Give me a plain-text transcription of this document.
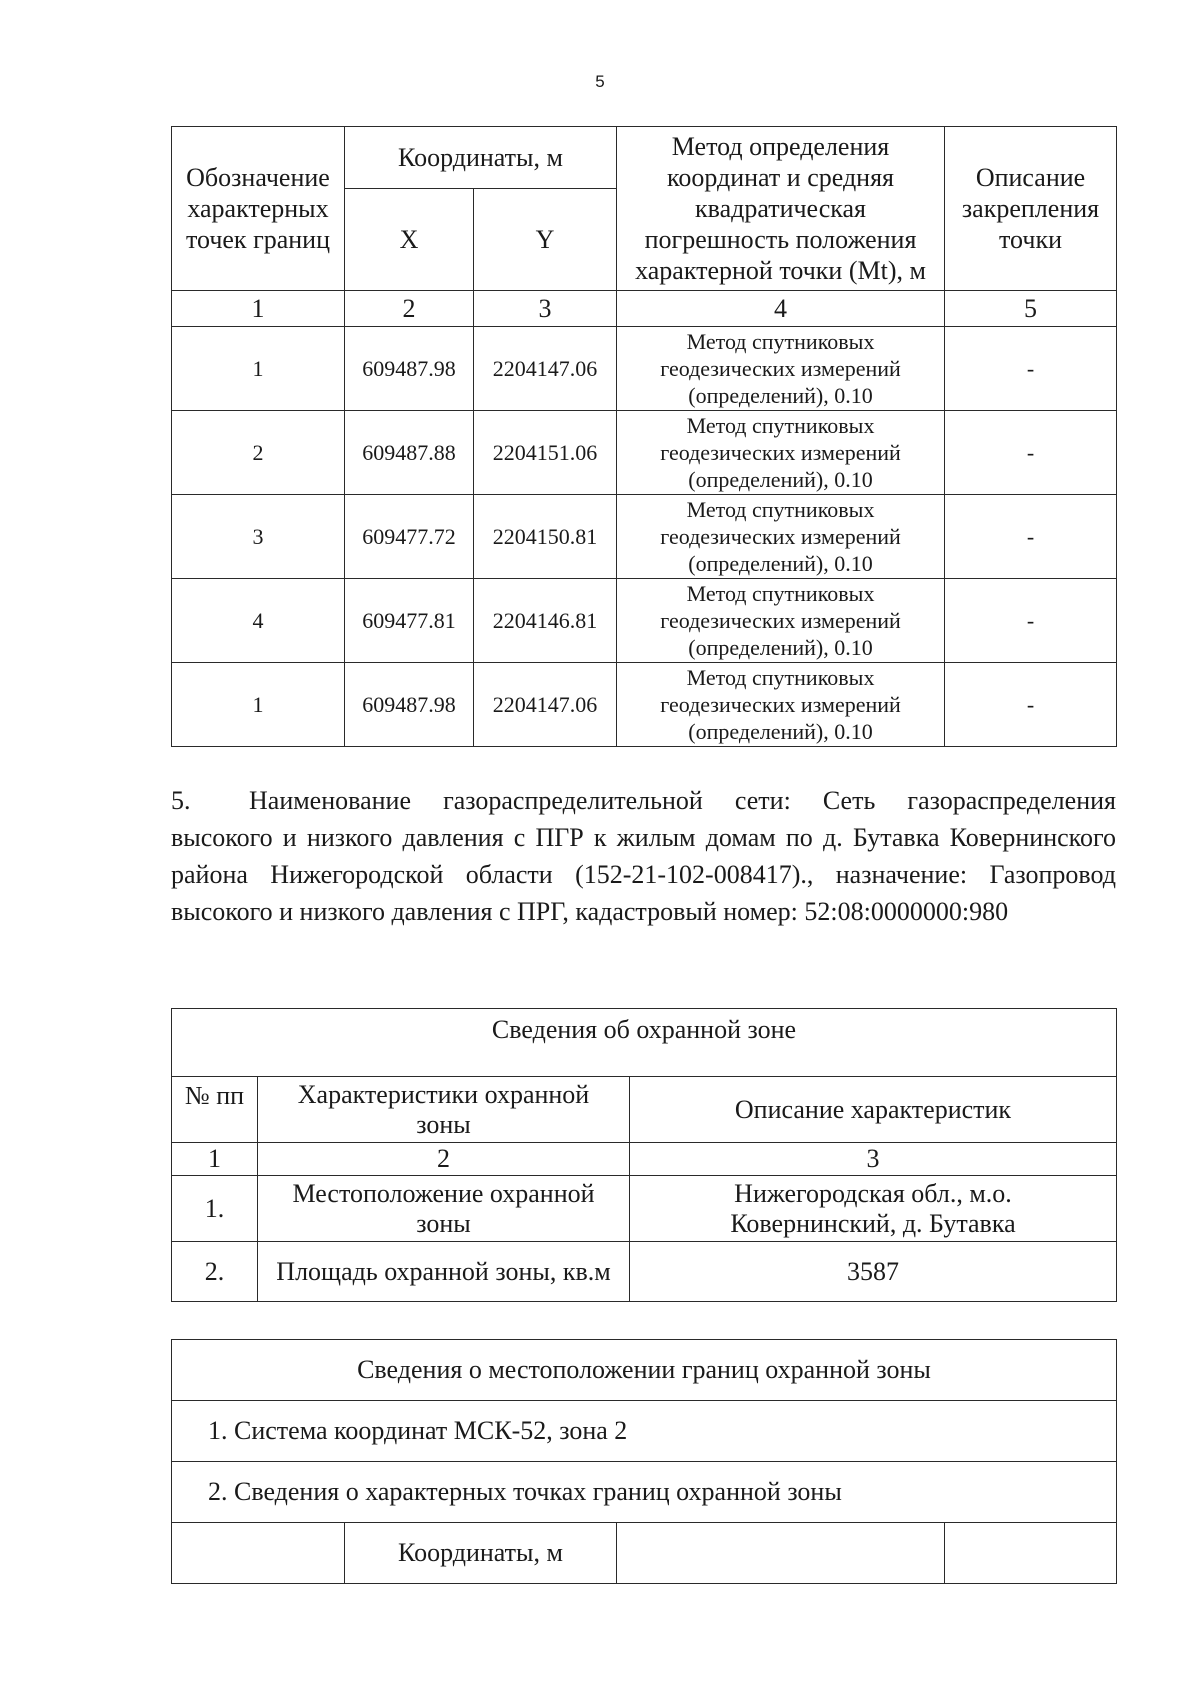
5
Обозначение
характерных
точек границ	Координаты, м		Метод определения
координат и средняя
квадратическая
погрешность положения
характерной точки (Mt), м	Описание
закрепления
точки
	X	Y		
1	2	3	4	5
1	609487.98	2204147.06	Метод спутниковых
геодезических измерений
(определений), 0.10	-
2	609487.88	2204151.06	Метод спутниковых
геодезических измерений
(определений), 0.10	-
3	609477.72	2204150.81	Метод спутниковых
геодезических измерений
(определений), 0.10	-
4	609477.81	2204146.81	Метод спутниковых
геодезических измерений
(определений), 0.10	-
1	609487.98	2204147.06	Метод спутниковых
геодезических измерений
(определений), 0.10	-

5. Наименование газораспределительной сети: Сеть газораспределения высокого и низкого давления с ПГР к жилым домам по д. Бутавка Ковернинского района Нижегородской области (152-21-102-008417)., назначение: Газопровод высокого и низкого давления с ПРГ, кадастровый номер: 52:08:0000000:980

Сведения об охранной зоне		
№ пп	Характеристики охранной
зоны	Описание характеристик
1	2	3
1.	Местоположение охранной
зоны	Нижегородская обл., м.о.
Ковернинский, д. Бутавка
2.	Площадь охранной зоны, кв.м	3587
Сведения о местоположении границ охранной зоны
1. Система координат МСК-52, зона 2
2. Сведения о характерных точках границ охранной зоны
	Координаты, м		
